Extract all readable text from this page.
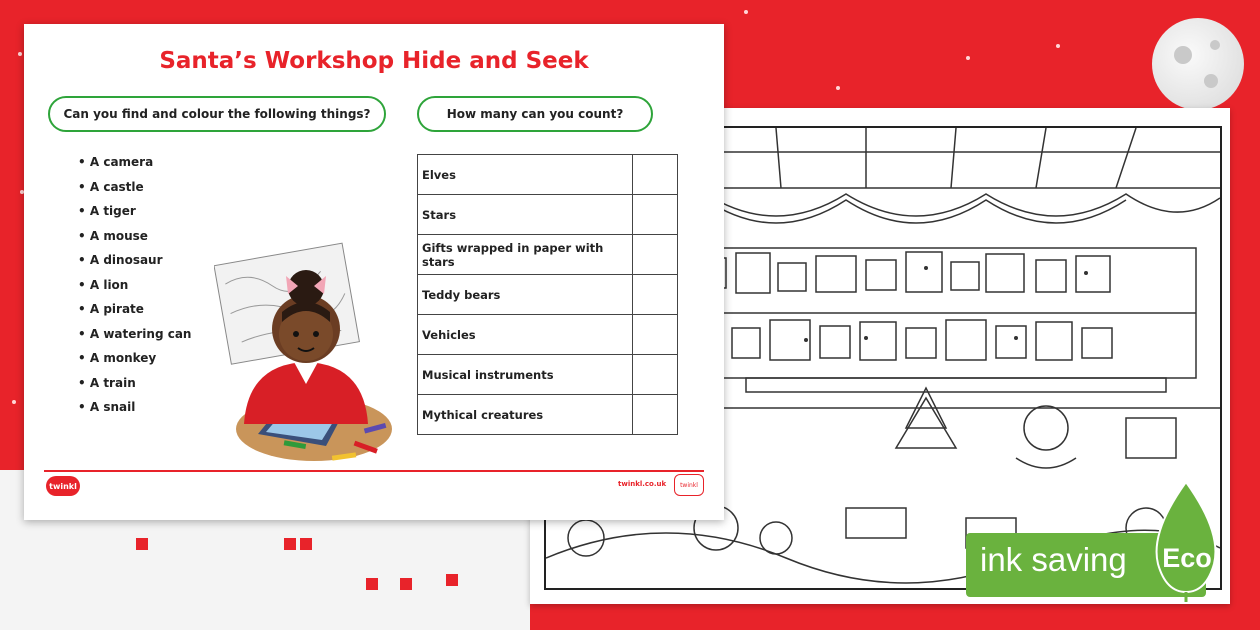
Santa’s Workshop Hide and Seek
Can you find and colour the following things?	How many can you count?
• A camera
• A castle
• A tiger
• A mouse
• A dinosaur
• A lion
• A pirate
• A watering can
• A monkey
• A train
• A snail
Elves	
Stars	
Gifts wrapped in paper with stars	
Teddy bears	
Vehicles	
Musical instruments	
Mythical creatures	
twinkl	twinkl.co.uk	twinkl
ink saving Eco
